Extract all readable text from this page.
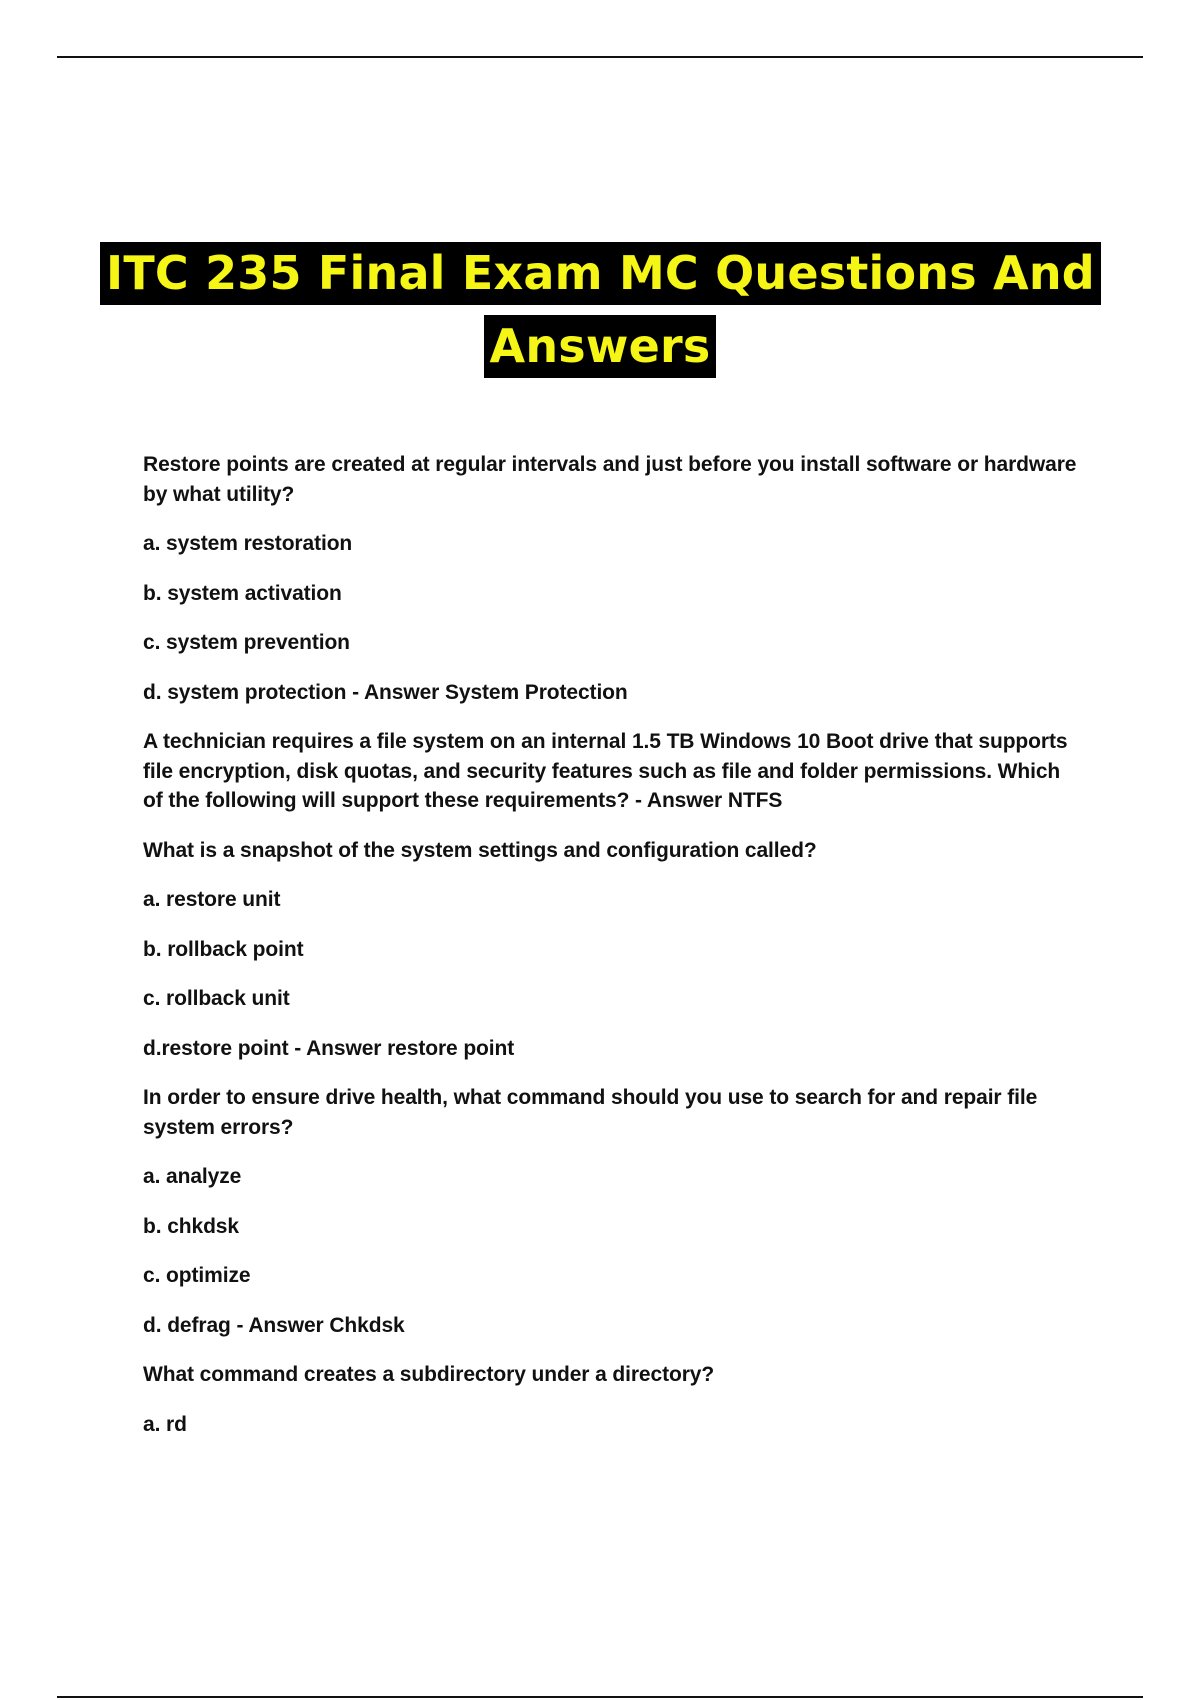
ITC 235 Final Exam MC Questions And
Answers

Restore points are created at regular intervals and just before you install software or hardware by what utility?

a. system restoration

b. system activation

c. system prevention

d. system protection - Answer System Protection

A technician requires a file system on an internal 1.5 TB Windows 10 Boot drive that supports file encryption, disk quotas, and security features such as file and folder permissions. Which of the following will support these requirements? - Answer NTFS

What is a snapshot of the system settings and configuration called?

a. restore unit

b. rollback point

c. rollback unit

d.restore point - Answer restore point

In order to ensure drive health, what command should you use to search for and repair file system errors?

a. analyze

b. chkdsk

c. optimize

d. defrag - Answer Chkdsk

What command creates a subdirectory under a directory?

a. rd
